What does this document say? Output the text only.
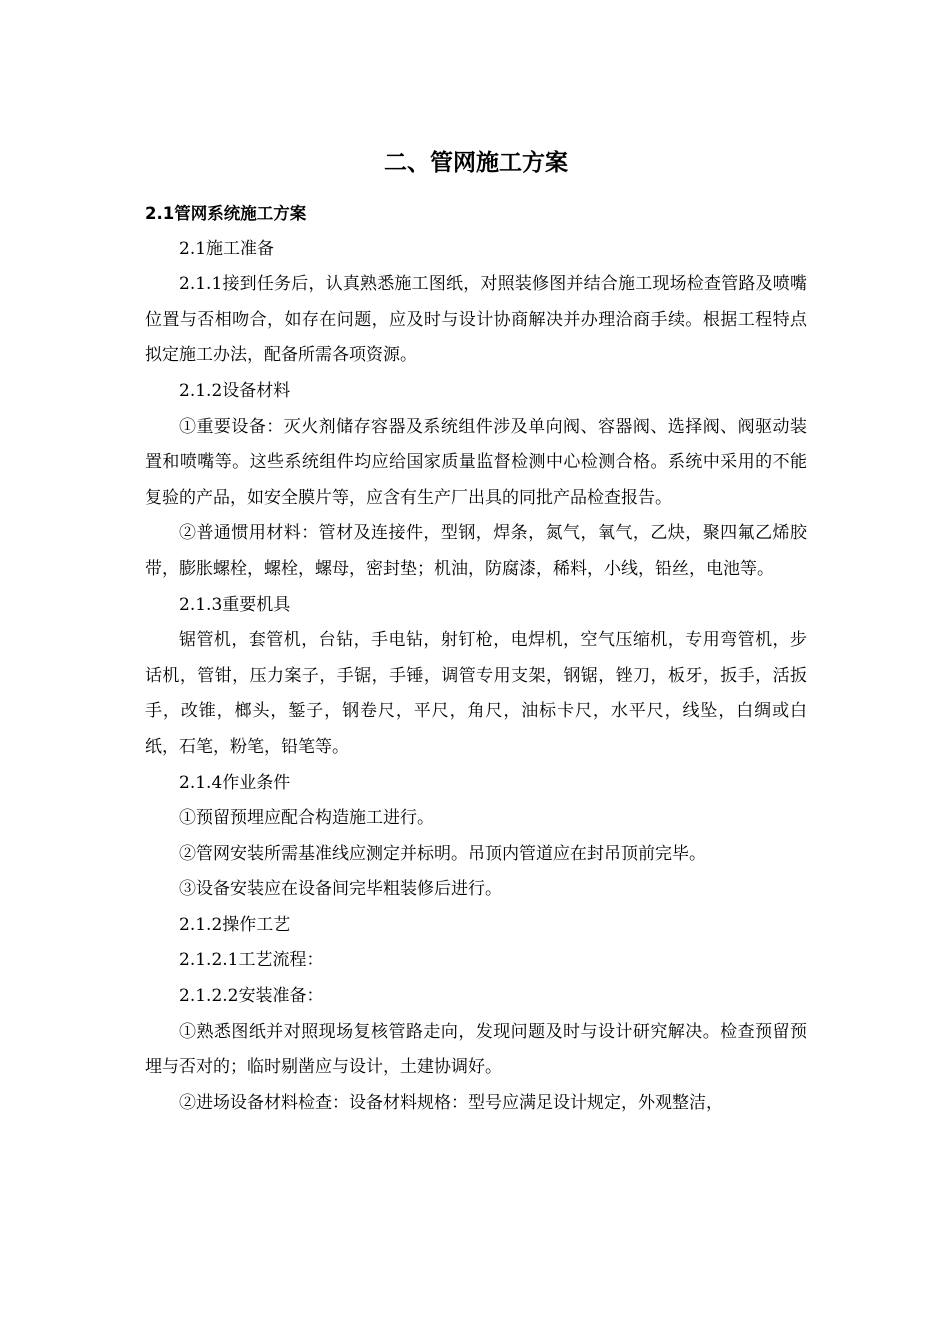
二、管网施工方案

2.1管网系统施工方案

2.1施工准备

2.1.1接到任务后，认真熟悉施工图纸，对照装修图并结合施工现场检查管路及喷嘴位置与否相吻合，如存在问题，应及时与设计协商解决并办理洽商手续。根据工程特点拟定施工办法，配备所需各项资源。

2.1.2设备材料

①重要设备：灭火剂储存容器及系统组件涉及单向阀、容器阀、选择阀、阀驱动装置和喷嘴等。这些系统组件均应给国家质量监督检测中心检测合格。系统中采用的不能复验的产品，如安全膜片等，应含有生产厂出具的同批产品检查报告。

②普通惯用材料：管材及连接件，型钢，焊条，氮气，氧气，乙炔，聚四氟乙烯胶带，膨胀螺栓，螺栓，螺母，密封垫；机油，防腐漆，稀料，小线，铅丝，电池等。

2.1.3重要机具

锯管机，套管机，台钻，手电钻，射钉枪，电焊机，空气压缩机，专用弯管机，步话机，管钳，压力案子，手锯，手锤，调管专用支架，钢锯，锉刀，板牙，扳手，活扳手，改锥，榔头，錾子，钢卷尺，平尺，角尺，油标卡尺，水平尺，线坠，白绸或白纸，石笔，粉笔，铅笔等。

2.1.4作业条件

①预留预埋应配合构造施工进行。

②管网安装所需基准线应测定并标明。吊顶内管道应在封吊顶前完毕。

③设备安装应在设备间完毕粗装修后进行。

2.1.2操作工艺

2.1.2.1工艺流程：

2.1.2.2安装准备：

①熟悉图纸并对照现场复核管路走向，发现问题及时与设计研究解决。检查预留预埋与否对的；临时剔凿应与设计，土建协调好。

②进场设备材料检查：设备材料规格：型号应满足设计规定，外观整洁，
